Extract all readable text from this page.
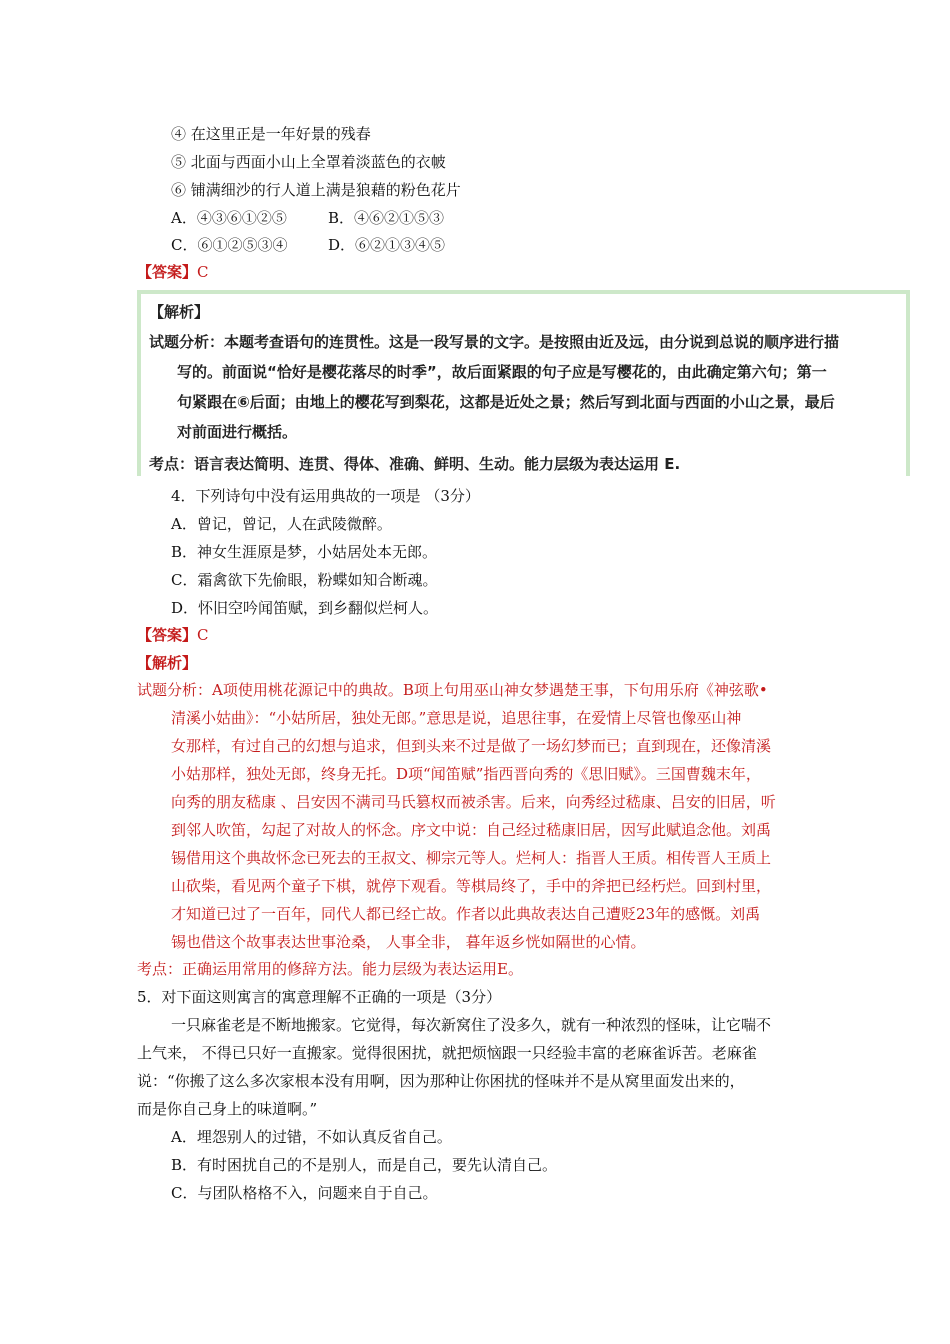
④ 在这里正是一年好景的残春
⑤ 北面与西面小山上全罩着淡蓝色的衣帔
⑥ 铺满细沙的行人道上满是狼藉的粉色花片
A．④③⑥①②⑤	B．④⑥②①⑤③
C．⑥①②⑤③④	D．⑥②①③④⑤
【答案】C
【解析】
试题分析：本题考查语句的连贯性。这是一段写景的文字。是按照由近及远，由分说到总说的顺序进行描
写的。前面说“恰好是樱花落尽的时季”，故后面紧跟的句子应是写樱花的，由此确定第六句；第一
句紧跟在⑥后面；由地上的樱花写到梨花，这都是近处之景；然后写到北面与西面的小山之景，最后
对前面进行概括。
考点：语言表达简明、连贯、得体、准确、鲜明、生动。能力层级为表达运用 E.
4．下列诗句中没有运用典故的一项是 （3分）
A．曾记，曾记，人在武陵微醉。
B．神女生涯原是梦，小姑居处本无郎。
C．霜禽欲下先偷眼，粉蝶如知合断魂。
D．怀旧空吟闻笛赋，到乡翻似烂柯人。
【答案】C
【解析】
试题分析：A项使用桃花源记中的典故。B项上句用巫山神女梦遇楚王事，下句用乐府《神弦歌•
清溪小姑曲》：“小姑所居，独处无郎。”意思是说，追思往事，在爱情上尽管也像巫山神
女那样，有过自己的幻想与追求，但到头来不过是做了一场幻梦而已；直到现在，还像清溪
小姑那样，独处无郎，终身无托。D项“闻笛赋”指西晋向秀的《思旧赋》。三国曹魏末年，
向秀的朋友嵇康 、吕安因不满司马氏篡权而被杀害。后来，向秀经过嵇康、吕安的旧居，听
到邻人吹笛，勾起了对故人的怀念。序文中说：自己经过嵇康旧居，因写此赋追念他。刘禹
锡借用这个典故怀念已死去的王叔文、柳宗元等人。烂柯人：指晋人王质。相传晋人王质上
山砍柴，看见两个童子下棋，就停下观看。等棋局终了，手中的斧把已经朽烂。回到村里，
才知道已过了一百年，同代人都已经亡故。作者以此典故表达自己遭贬23年的感慨。刘禹
锡也借这个故事表达世事沧桑， 人事全非， 暮年返乡恍如隔世的心情。
考点：正确运用常用的修辞方法。能力层级为表达运用E。
5．对下面这则寓言的寓意理解不正确的一项是（3分）
一只麻雀老是不断地搬家。它觉得，每次新窝住了没多久，就有一种浓烈的怪味，让它喘不
上气来， 不得已只好一直搬家。觉得很困扰，就把烦恼跟一只经验丰富的老麻雀诉苦。老麻雀
说：“你搬了这么多次家根本没有用啊，因为那种让你困扰的怪味并不是从窝里面发出来的，
而是你自己身上的味道啊。”
A．埋怨别人的过错，不如认真反省自己。
B．有时困扰自己的不是别人，而是自己，要先认清自己。
C．与团队格格不入，问题来自于自己。
